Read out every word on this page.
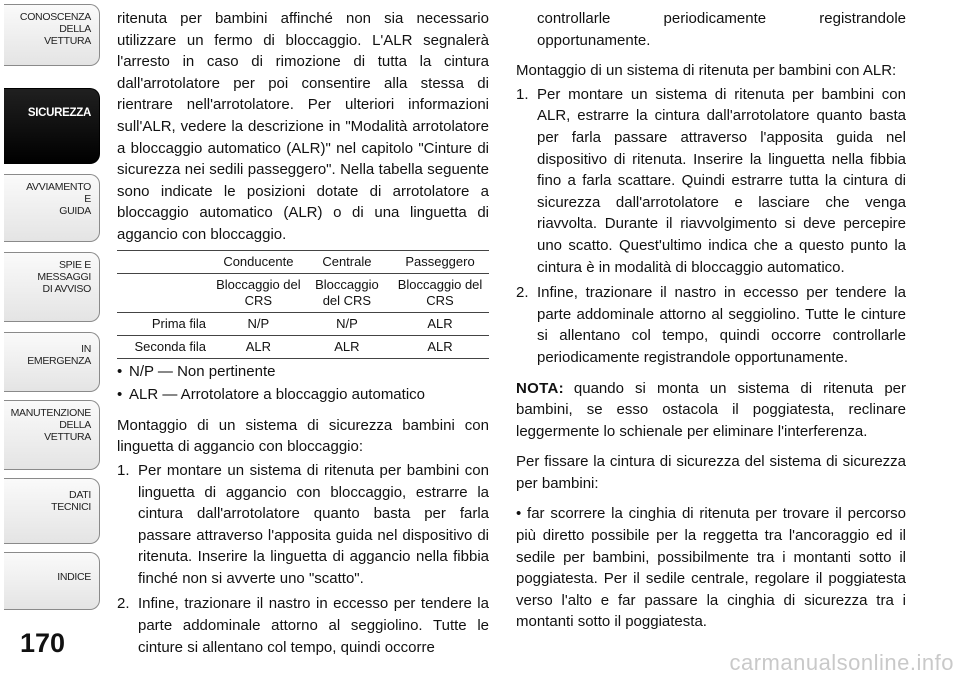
CONOSCENZA
DELLA
VETTURA
SICUREZZA
AVVIAMENTO
E
GUIDA
SPIE E
MESSAGGI
DI AVVISO
IN
EMERGENZA
MANUTENZIONE
DELLA
VETTURA
DATI
TECNICI
INDICE
170

ritenuta per bambini affinché non sia necessario utilizzare un fermo di bloccaggio. L'ALR segnalerà l'arresto in caso di rimozione di tutta la cintura dall'arrotolatore per poi consentire alla stessa di rientrare nell'arrotolatore. Per ulteriori informazioni sull'ALR, vedere la descrizione in "Modalità arrotolatore a bloccaggio automatico (ALR)" nel capitolo "Cinture di sicurezza nei sedili passeggero". Nella tabella seguente sono indicate le posizioni dotate di arrotolatore a bloccaggio automatico (ALR) o di una linguetta di aggancio con bloccaggio.

	Conducente	Centrale	Passeggero
	Bloccaggio del CRS	Bloccaggio del CRS	Bloccaggio del CRS
Prima fila	N/P	N/P	ALR
Seconda fila	ALR	ALR	ALR

• N/P — Non pertinente

• ALR — Arrotolatore a bloccaggio automatico

Montaggio di un sistema di sicurezza bambini con linguetta di aggancio con bloccaggio:

1. Per montare un sistema di ritenuta per bambini con linguetta di aggancio con bloccaggio, estrarre la cintura dall'arrotolatore quanto basta per farla passare attraverso l'apposita guida nel dispositivo di ritenuta. Inserire la linguetta di aggancio nella fibbia finché non si avverte uno "scatto".
2. Infine, trazionare il nastro in eccesso per tendere la parte addominale attorno al seggiolino. Tutte le cinture si allentano col tempo, quindi occorre

controllarle periodicamente registrandole opportunamente.

Montaggio di un sistema di ritenuta per bambini con ALR:

1. Per montare un sistema di ritenuta per bambini con ALR, estrarre la cintura dall'arrotolatore quanto basta per farla passare attraverso l'apposita guida nel dispositivo di ritenuta. Inserire la linguetta nella fibbia fino a farla scattare. Quindi estrarre tutta la cintura di sicurezza dall'arrotolatore e lasciare che venga riavvolta. Durante il riavvolgimento si deve percepire uno scatto. Quest'ultimo indica che a questo punto la cintura è in modalità di bloccaggio automatico.
2. Infine, trazionare il nastro in eccesso per tendere la parte addominale attorno al seggiolino. Tutte le cinture si allentano col tempo, quindi occorre controllarle periodicamente registrandole opportunamente.

NOTA: quando si monta un sistema di ritenuta per bambini, se esso ostacola il poggiatesta, reclinare leggermente lo schienale per eliminare l'interferenza.

Per fissare la cintura di sicurezza del sistema di sicurezza per bambini:

• far scorrere la cinghia di ritenuta per trovare il percorso più diretto possibile per la reggetta tra l'ancoraggio ed il sedile per bambini, possibilmente tra i montanti sotto il poggiatesta. Per il sedile centrale, regolare il poggiatesta verso l'alto e far passare la cinghia di sicurezza tra i montanti sotto il poggiatesta.

carmanualsonline.info
